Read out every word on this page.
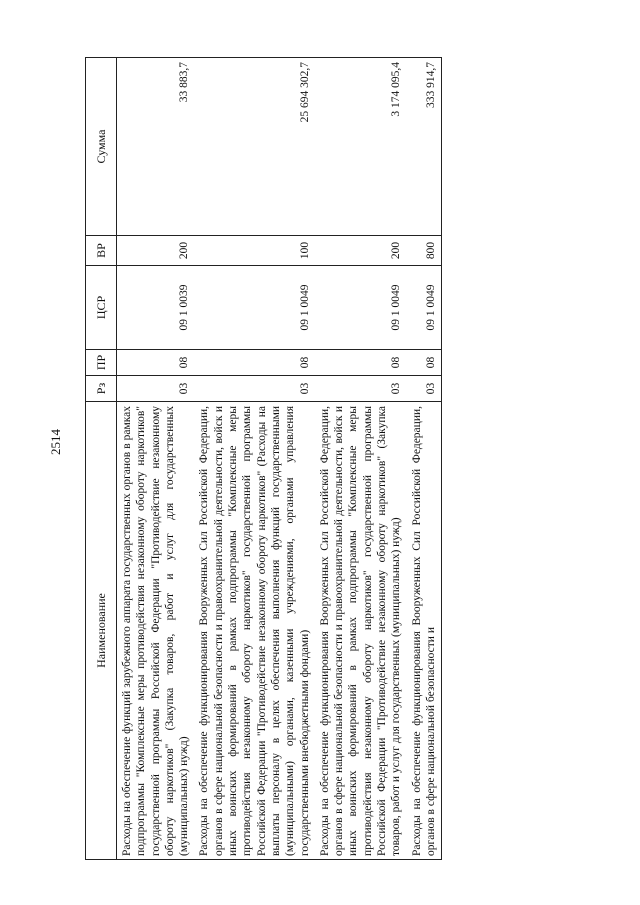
2514
Наименование	Рз	ПР	ЦСР	ВР	Сумма
Расходы на обеспечение функций зарубежного аппарата государственных органов в рамках подпрограммы "Комплексные меры противодействия незаконному обороту наркотиков" государственной программы Российской Федерации "Противодействие незаконному обороту наркотиков" (Закупка товаров, работ и услуг для государственных (муниципальных) нужд)	03	08	09 1 0039	200	33 883,7
Расходы на обеспечение функционирования Вооруженных Сил Российской Федерации, органов в сфере национальной безопасности и правоохранительной деятельности, войск и иных воинских формирований в рамках подпрограммы "Комплексные меры противодействия незаконному обороту наркотиков" государственной программы Российской Федерации "Противодействие незаконному обороту наркотиков" (Расходы на выплаты персоналу в целях обеспечения выполнения функций государственными (муниципальными) органами, казенными учреждениями, органами управления государственными внебюджетными фондами)	03	08	09 1 0049	100	25 694 302,7
Расходы на обеспечение функционирования Вооруженных Сил Российской Федерации, органов в сфере национальной безопасности и правоохранительной деятельности, войск и иных воинских формирований в рамках подпрограммы "Комплексные меры противодействия незаконному обороту наркотиков" государственной программы Российской Федерации "Противодействие незаконному обороту наркотиков" (Закупка товаров, работ и услуг для государственных (муниципальных) нужд)	03	08	09 1 0049	200	3 174 095,4
Расходы на обеспечение функционирования Вооруженных Сил Российской Федерации, органов в сфере национальной безопасности и	03	08	09 1 0049	800	333 914,7
